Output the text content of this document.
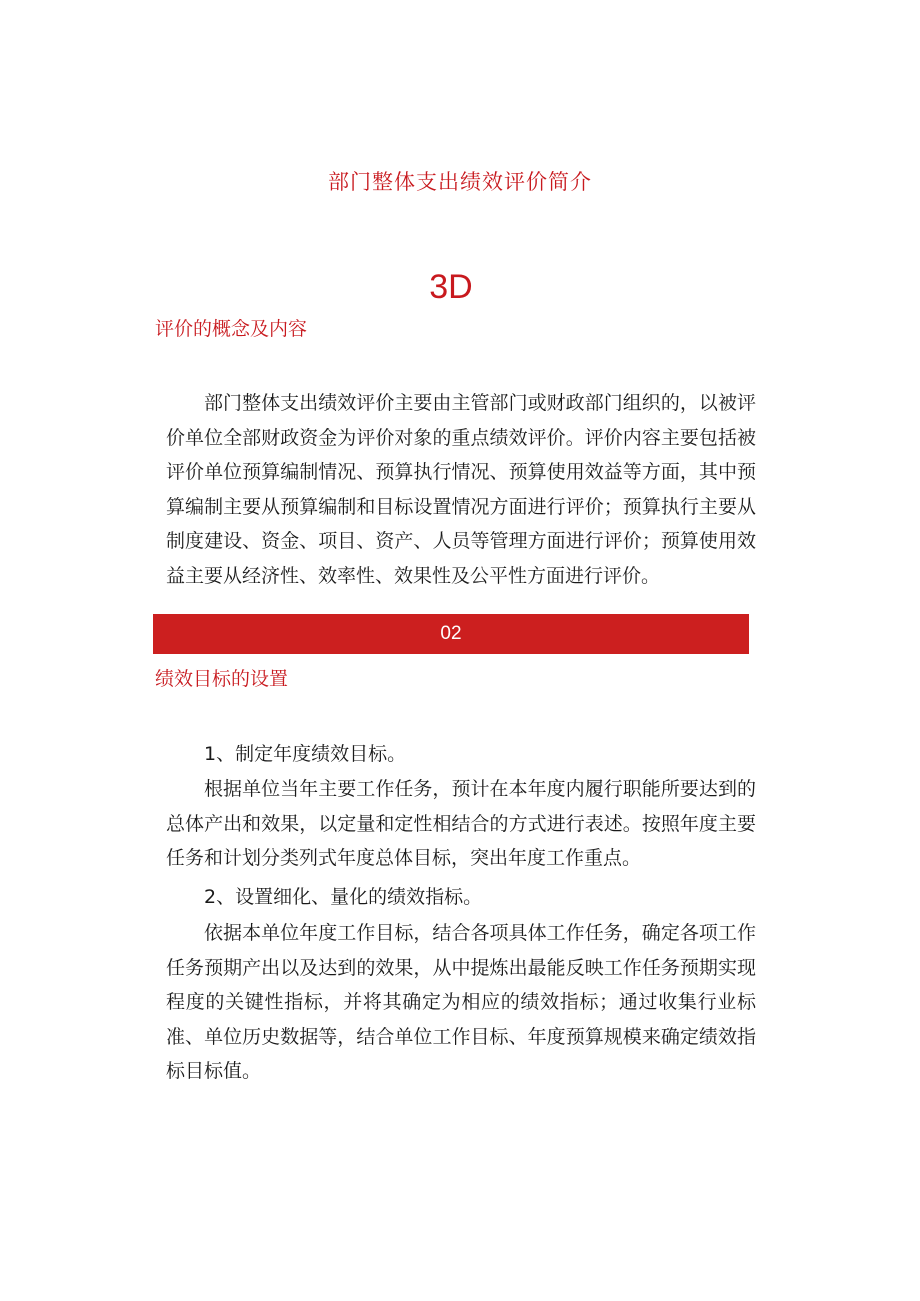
部门整体支出绩效评价简介
3D
评价的概念及内容

部门整体支出绩效评价主要由主管部门或财政部门组织的，以被评价单位全部财政资金为评价对象的重点绩效评价。评价内容主要包括被评价单位预算编制情况、预算执行情况、预算使用效益等方面，其中预算编制主要从预算编制和目标设置情况方面进行评价；预算执行主要从制度建设、资金、项目、资产、人员等管理方面进行评价；预算使用效益主要从经济性、效率性、效果性及公平性方面进行评价。

02
绩效目标的设置

1、制定年度绩效目标。

根据单位当年主要工作任务，预计在本年度内履行职能所要达到的总体产出和效果，以定量和定性相结合的方式进行表述。按照年度主要任务和计划分类列式年度总体目标，突出年度工作重点。

2、设置细化、量化的绩效指标。

依据本单位年度工作目标，结合各项具体工作任务，确定各项工作任务预期产出以及达到的效果，从中提炼出最能反映工作任务预期实现程度的关键性指标，并将其确定为相应的绩效指标；通过收集行业标准、单位历史数据等，结合单位工作目标、年度预算规模来确定绩效指标目标值。
